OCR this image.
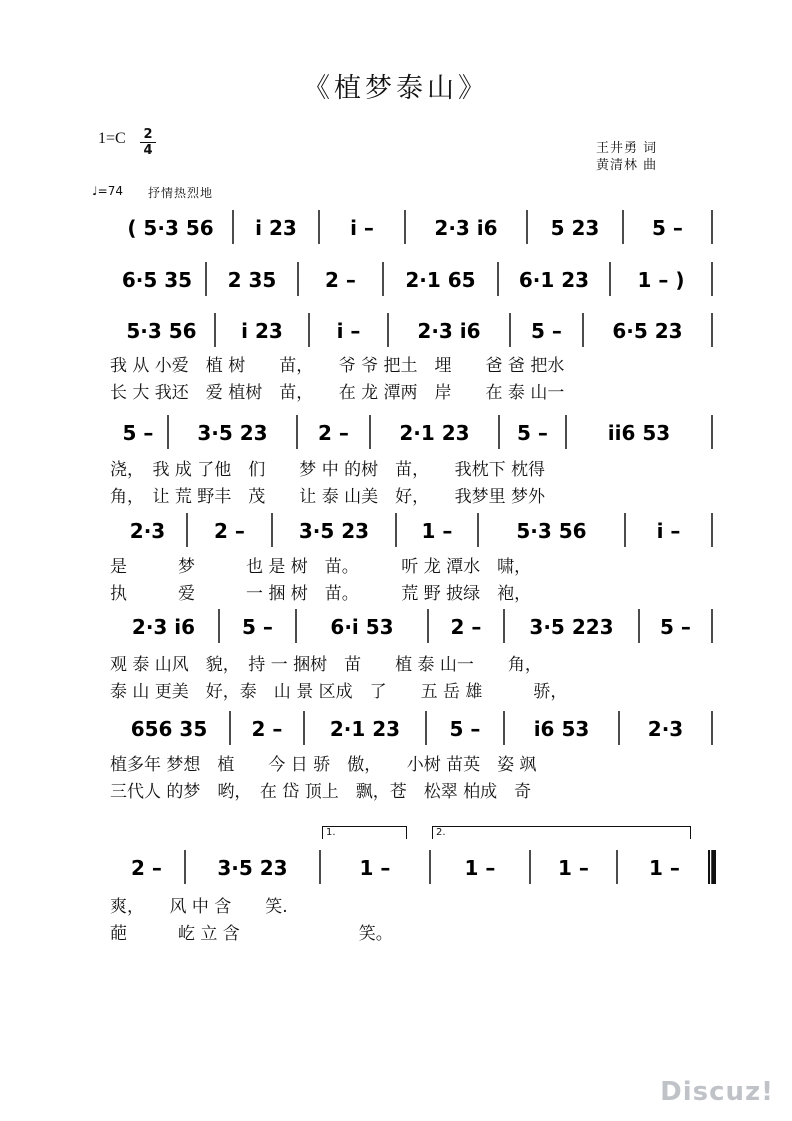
《植梦泰山》
1=C 2
4	王井勇 词
黄清林 曲
♩=74 抒情热烈地
我 从 小爱　植 树　　苗，　　爷 爷 把土　埋　　爸 爸 把水
长 大 我还　爱 植树　苗，　　在 龙 潭两　岸　　在 泰 山一
浇，　我 成 了他　们　　梦 中 的树　苗，　　我枕下 枕得
角，　让 荒 野丰　茂　　让 泰 山美　好，　　我梦里 梦外
是　　　梦　　　也 是 树　苗。　　　听 龙 潭水　啸，
执　　　爱　　　一 捆 树　苗。　　　荒 野 披绿　袍，
观 泰 山风　貌，　持 一 捆树　苗　　植 泰 山一　　角，
泰 山 更美　好，泰　山 景 区成　了　　五 岳 雄　　　骄，
植多年 梦想　植　　今 日 骄　傲，　　小树 苗英　姿 飒
三代人 的梦　哟，　在 岱 顶上　飘，苍　松翠 柏成　奇
爽，　　风 中 含　　笑.
葩　　　屹 立 含　　　　　　　笑。
1.	2.
( 5·3 56 i 23	i –	2·3 i6	5 23	5 –
6·5 35 2 35 2 – 2·1 65 6·1 23 1 – )
5·3 56 i 23	i –	2·3 i6	5 –	6·5 23
5 – 3·5 23	2 –	2·1 23 5 –	ii6 53
2·3 2 –	3·5 23	1 –	5·3 56	i –
2·3 i6 5 –	6·i 53	2 – 3·5 223 5 –
656 35 2 – 2·1 23 5 –	i6 53	2·3
2 –	3·5 23	1 –	1 –	1 –	1 –
Discuz!
